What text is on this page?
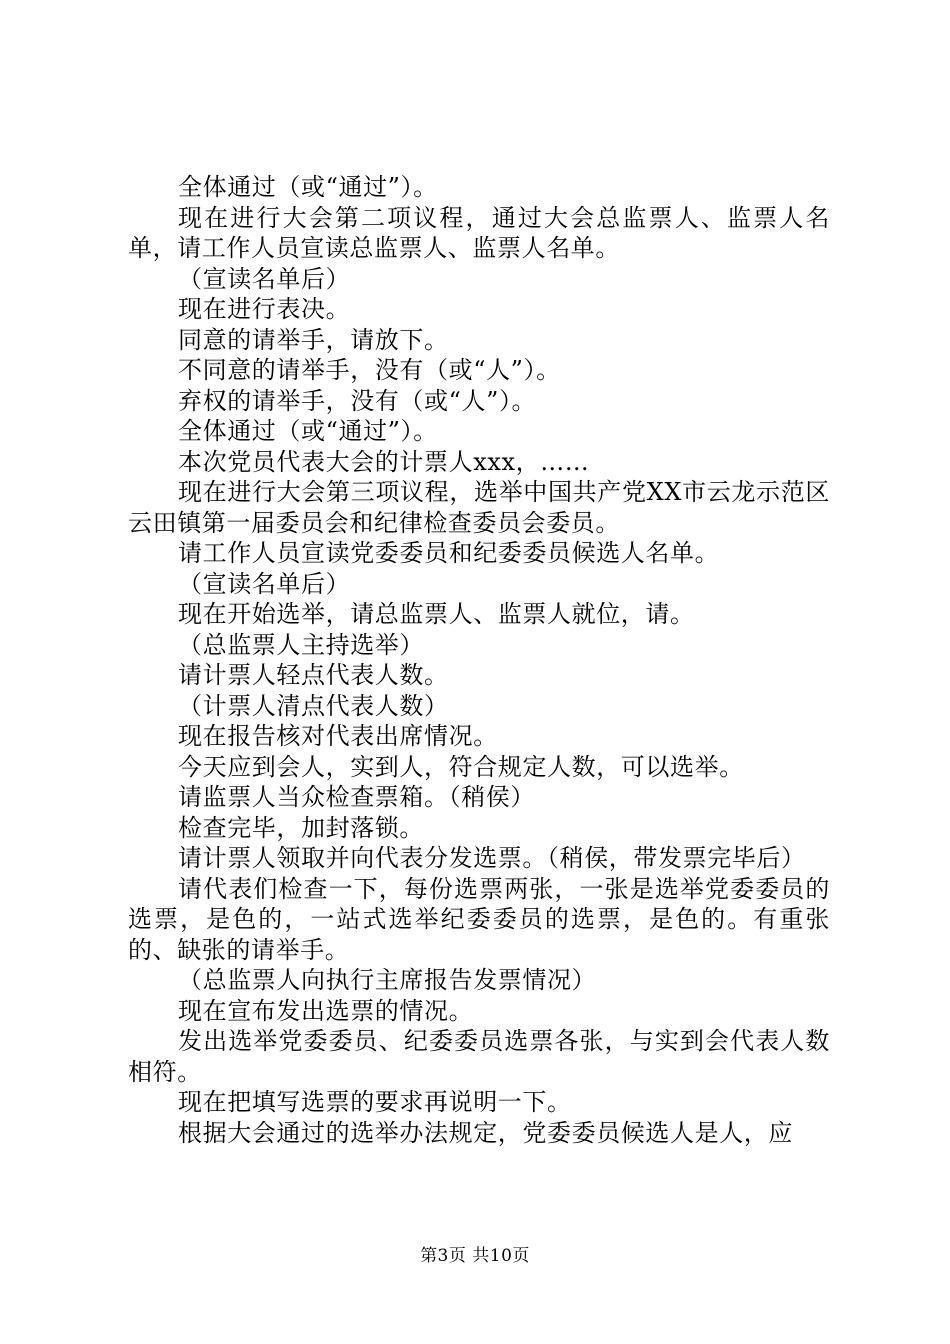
全体通过（或“通过”）。

现在进行大会第二项议程，通过大会总监票人、监票人名单，请工作人员宣读总监票人、监票人名单。

（宣读名单后）

现在进行表决。

同意的请举手，请放下。

不同意的请举手，没有（或“人”）。

弃权的请举手，没有（或“人”）。

全体通过（或“通过”）。

本次党员代表大会的计票人xxx，……

现在进行大会第三项议程，选举中国共产党XX市云龙示范区云田镇第一届委员会和纪律检查委员会委员。

请工作人员宣读党委委员和纪委委员候选人名单。

（宣读名单后）

现在开始选举，请总监票人、监票人就位，请。

（总监票人主持选举）

请计票人轻点代表人数。

（计票人清点代表人数）

现在报告核对代表出席情况。

今天应到会人，实到人，符合规定人数，可以选举。

请监票人当众检查票箱。（稍侯）

检查完毕，加封落锁。

请计票人领取并向代表分发选票。（稍侯，带发票完毕后）

请代表们检查一下，每份选票两张，一张是选举党委委员的选票，是色的，一站式选举纪委委员的选票，是色的。有重张的、缺张的请举手。

（总监票人向执行主席报告发票情况）

现在宣布发出选票的情况。

发出选举党委委员、纪委委员选票各张，与实到会代表人数相符。

现在把填写选票的要求再说明一下。

根据大会通过的选举办法规定，党委委员候选人是人，应

第3页 共10页
